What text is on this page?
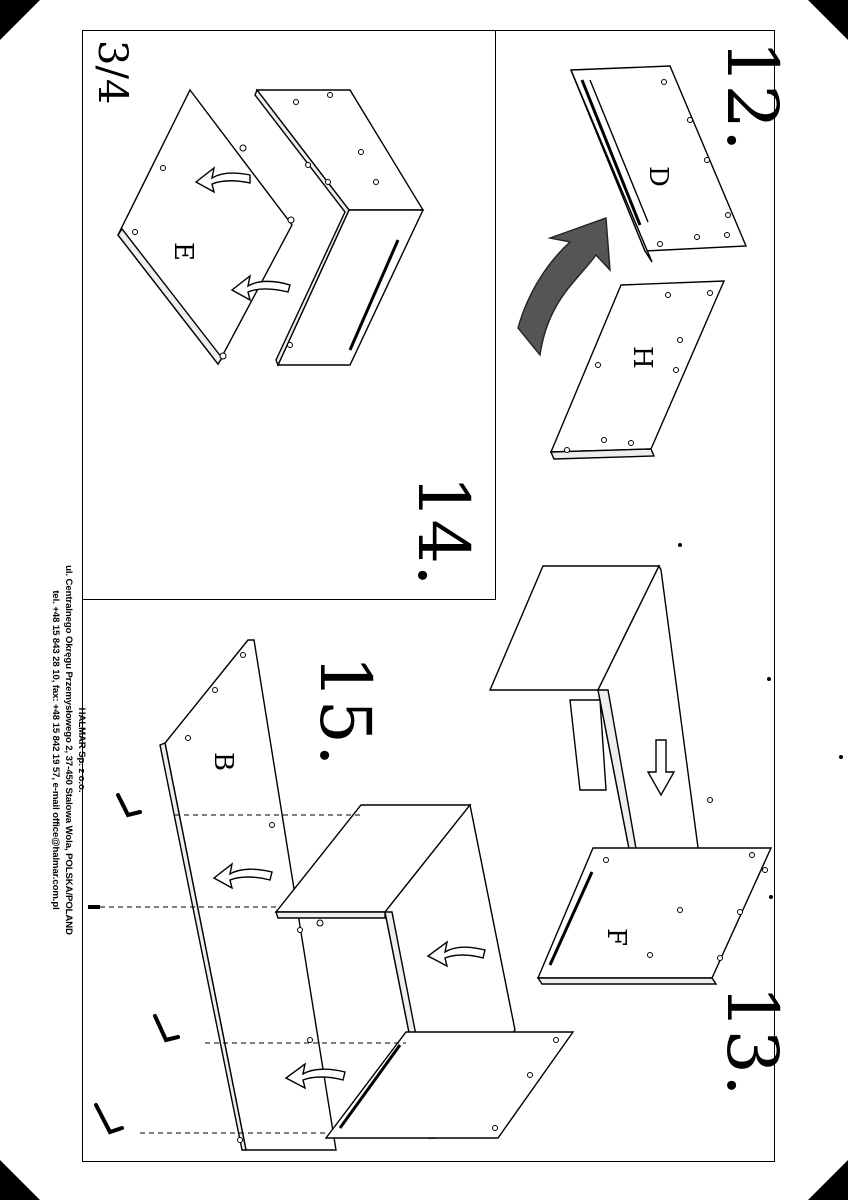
D
H
F
E
B
12.
13.
14.
15.
3/4
HALMAR Sp. z o.o.
ul. Centralnego Okręgu Przemysłowego 2, 37-450 Stalowa Wola, POLSKA/POLAND
tel. +48 15 843 28 10, fax: +48 15 842 19 57, e-mail office@halmar.com.pl
